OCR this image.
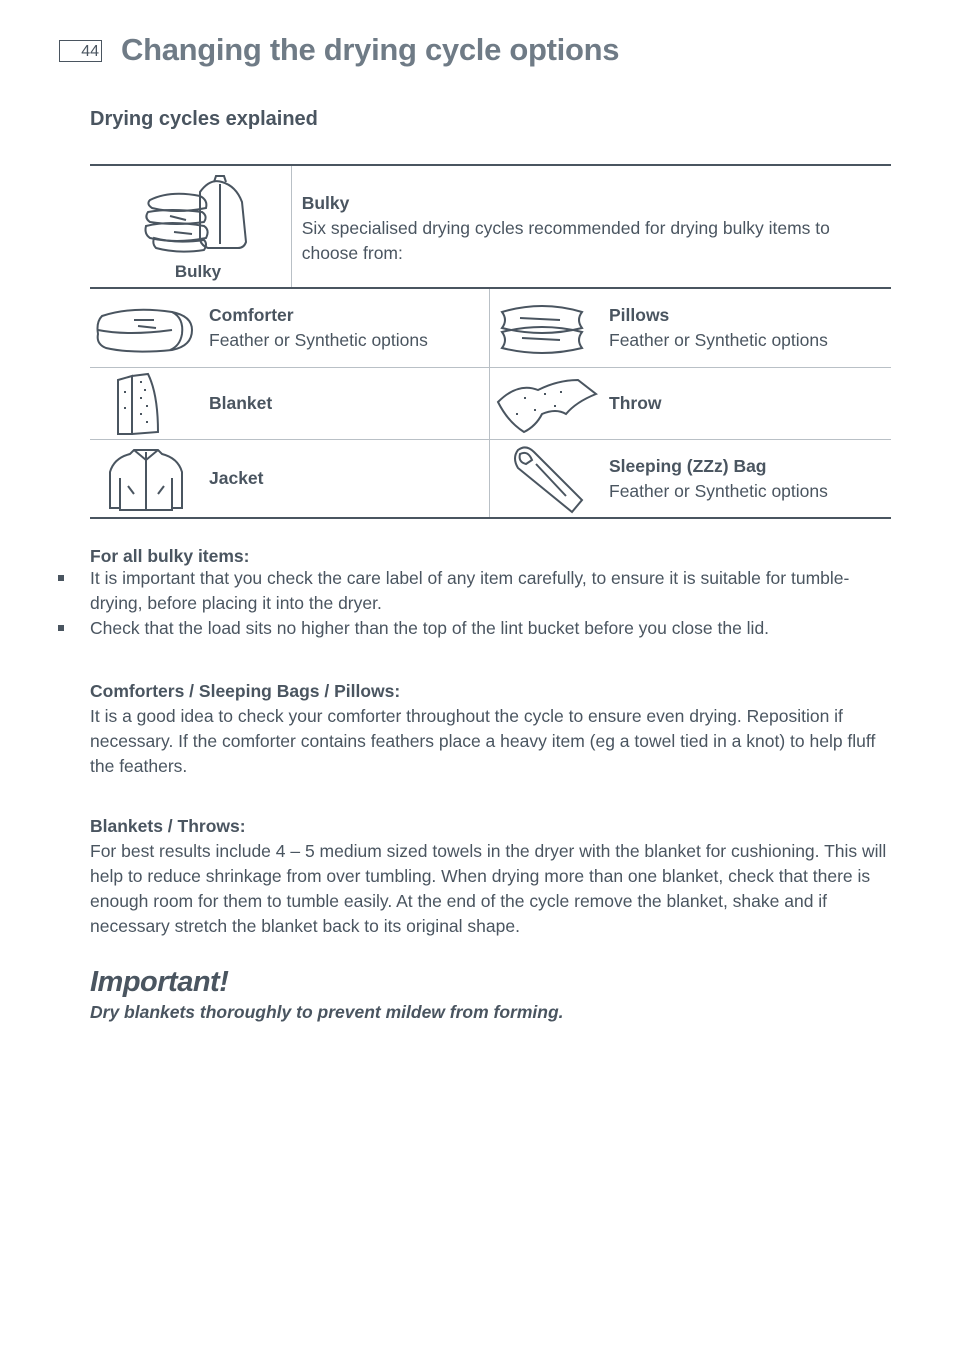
44 Changing the drying cycle options
Drying cycles explained
Bulky
Bulky
Six specialised drying cycles recommended for drying bulky items to choose from:
Comforter
Feather or Synthetic options
Pillows
Feather or Synthetic options
Blanket	Throw
Jacket
Sleeping (ZZz) Bag
Feather or Synthetic options

For all bulky items:

It is important that you check the care label of any item carefully, to ensure it is suitable for tumble-drying, before placing it into the dryer.
Check that the load sits no higher than the top of the lint bucket before you close the lid.

Comforters / Sleeping Bags / Pillows:

It is a good idea to check your comforter throughout the cycle to ensure even drying. Reposition if necessary. If the comforter contains feathers place a heavy item (eg a towel tied in a knot) to help fluff the feathers.

Blankets / Throws:

For best results include 4 – 5 medium sized towels in the dryer with the blanket for cushioning. This will help to reduce shrinkage from over tumbling. When drying more than one blanket, check that there is enough room for them to tumble easily. At the end of the cycle remove the blanket, shake and if necessary stretch the blanket back to its original shape.

Important!
Dry blankets thoroughly to prevent mildew from forming.
